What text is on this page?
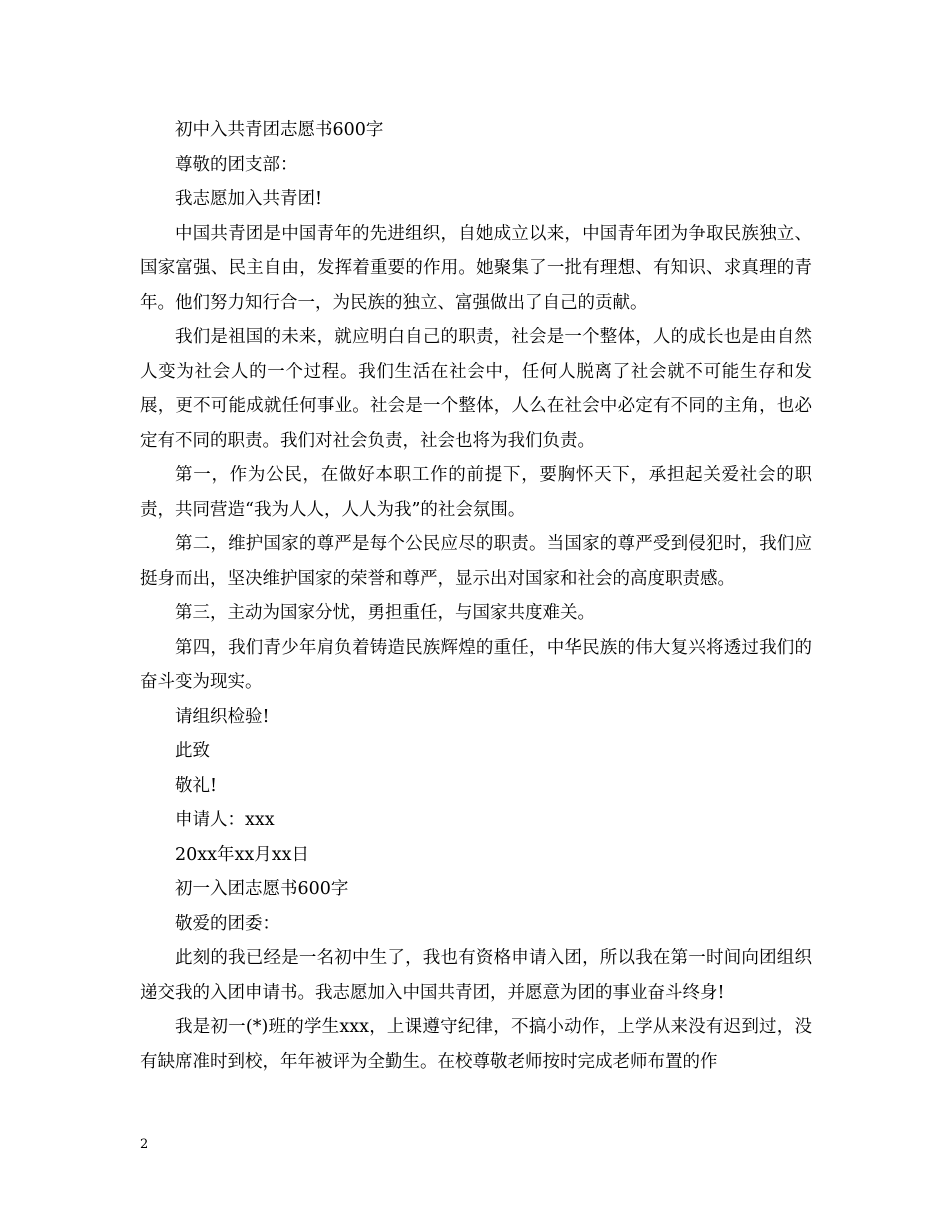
初中入共青团志愿书600字

尊敬的团支部：

我志愿加入共青团!

中国共青团是中国青年的先进组织，自她成立以来，中国青年团为争取民族独立、国家富强、民主自由，发挥着重要的作用。她聚集了一批有理想、有知识、求真理的青年。他们努力知行合一，为民族的独立、富强做出了自己的贡献。

我们是祖国的未来，就应明白自己的职责，社会是一个整体，人的成长也是由自然人变为社会人的一个过程。我们生活在社会中，任何人脱离了社会就不可能生存和发展，更不可能成就任何事业。社会是一个整体，人么在社会中必定有不同的主角，也必定有不同的职责。我们对社会负责，社会也将为我们负责。

第一，作为公民，在做好本职工作的前提下，要胸怀天下，承担起关爱社会的职责，共同营造“我为人人，人人为我”的社会氛围。

第二，维护国家的尊严是每个公民应尽的职责。当国家的尊严受到侵犯时，我们应挺身而出，坚决维护国家的荣誉和尊严，显示出对国家和社会的高度职责感。

第三，主动为国家分忧，勇担重任，与国家共度难关。

第四，我们青少年肩负着铸造民族辉煌的重任，中华民族的伟大复兴将透过我们的奋斗变为现实。

请组织检验!

此致

敬礼!

申请人：xxx

20xx年xx月xx日

初一入团志愿书600字

敬爱的团委：

此刻的我已经是一名初中生了，我也有资格申请入团，所以我在第一时间向团组织递交我的入团申请书。我志愿加入中国共青团，并愿意为团的事业奋斗终身!

我是初一(*)班的学生xxx，上课遵守纪律，不搞小动作，上学从来没有迟到过，没有缺席准时到校，年年被评为全勤生。在校尊敬老师按时完成老师布置的作

2
